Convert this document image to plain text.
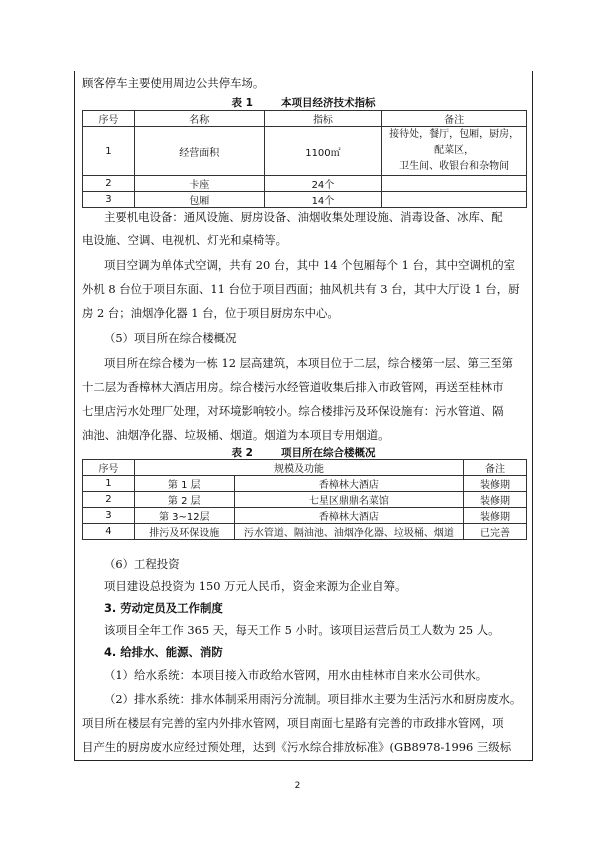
顾客停车主要使用周边公共停车场。
表 1	本项目经济技术指标
序号	名称	指标	备注
1	经营面积	1100㎡	接待处，餐厅，包厢，厨房，配菜区，
卫生间、收银台和杂物间

2	卡座	24个	
3	包厢	14个	
主要机电设备：通风设施、厨房设备、油烟收集处理设施、消毒设备、冰库、配
电设施、空调、电视机、灯光和桌椅等。
项目空调为单体式空调，共有 20 台，其中 14 个包厢每个 1 台，其中空调机的室
外机 8 台位于项目东面、11 台位于项目西面；抽风机共有 3 台，其中大厅设 1 台，厨
房 2 台；油烟净化器 1 台，位于项目厨房东中心。
（5）项目所在综合楼概况
项目所在综合楼为一栋 12 层高建筑，本项目位于二层，综合楼第一层、第三至第
十二层为香樟林大酒店用房。综合楼污水经管道收集后排入市政管网，再送至桂林市
七里店污水处理厂处理，对环境影响较小。综合楼排污及环保设施有：污水管道、隔
油池、油烟净化器、垃圾桶、烟道。烟道为本项目专用烟道。
表 2	项目所在综合楼概况
序号	规模及功能		备注
1	第 1 层	香樟林大酒店	装修期
2	第 2 层	七星区鼎鼎名菜馆	装修期
3	第 3~12层	香樟林大酒店	装修期
4	排污及环保设施	污水管道、隔油池、油烟净化器、垃圾桶、烟道	已完善
（6）工程投资
项目建设总投资为 150 万元人民币，资金来源为企业自筹。
3. 劳动定员及工作制度
该项目全年工作 365 天，每天工作 5 小时。该项目运营后员工人数为 25 人。
4. 给排水、能源、消防
（1）给水系统：本项目接入市政给水管网，用水由桂林市自来水公司供水。
（2）排水系统：排水体制采用雨污分流制。项目排水主要为生活污水和厨房废水。
项目所在楼层有完善的室内外排水管网，项目南面七星路有完善的市政排水管网，项
目产生的厨房废水应经过预处理，达到《污水综合排放标准》(GB8978-1996 三级标
2
